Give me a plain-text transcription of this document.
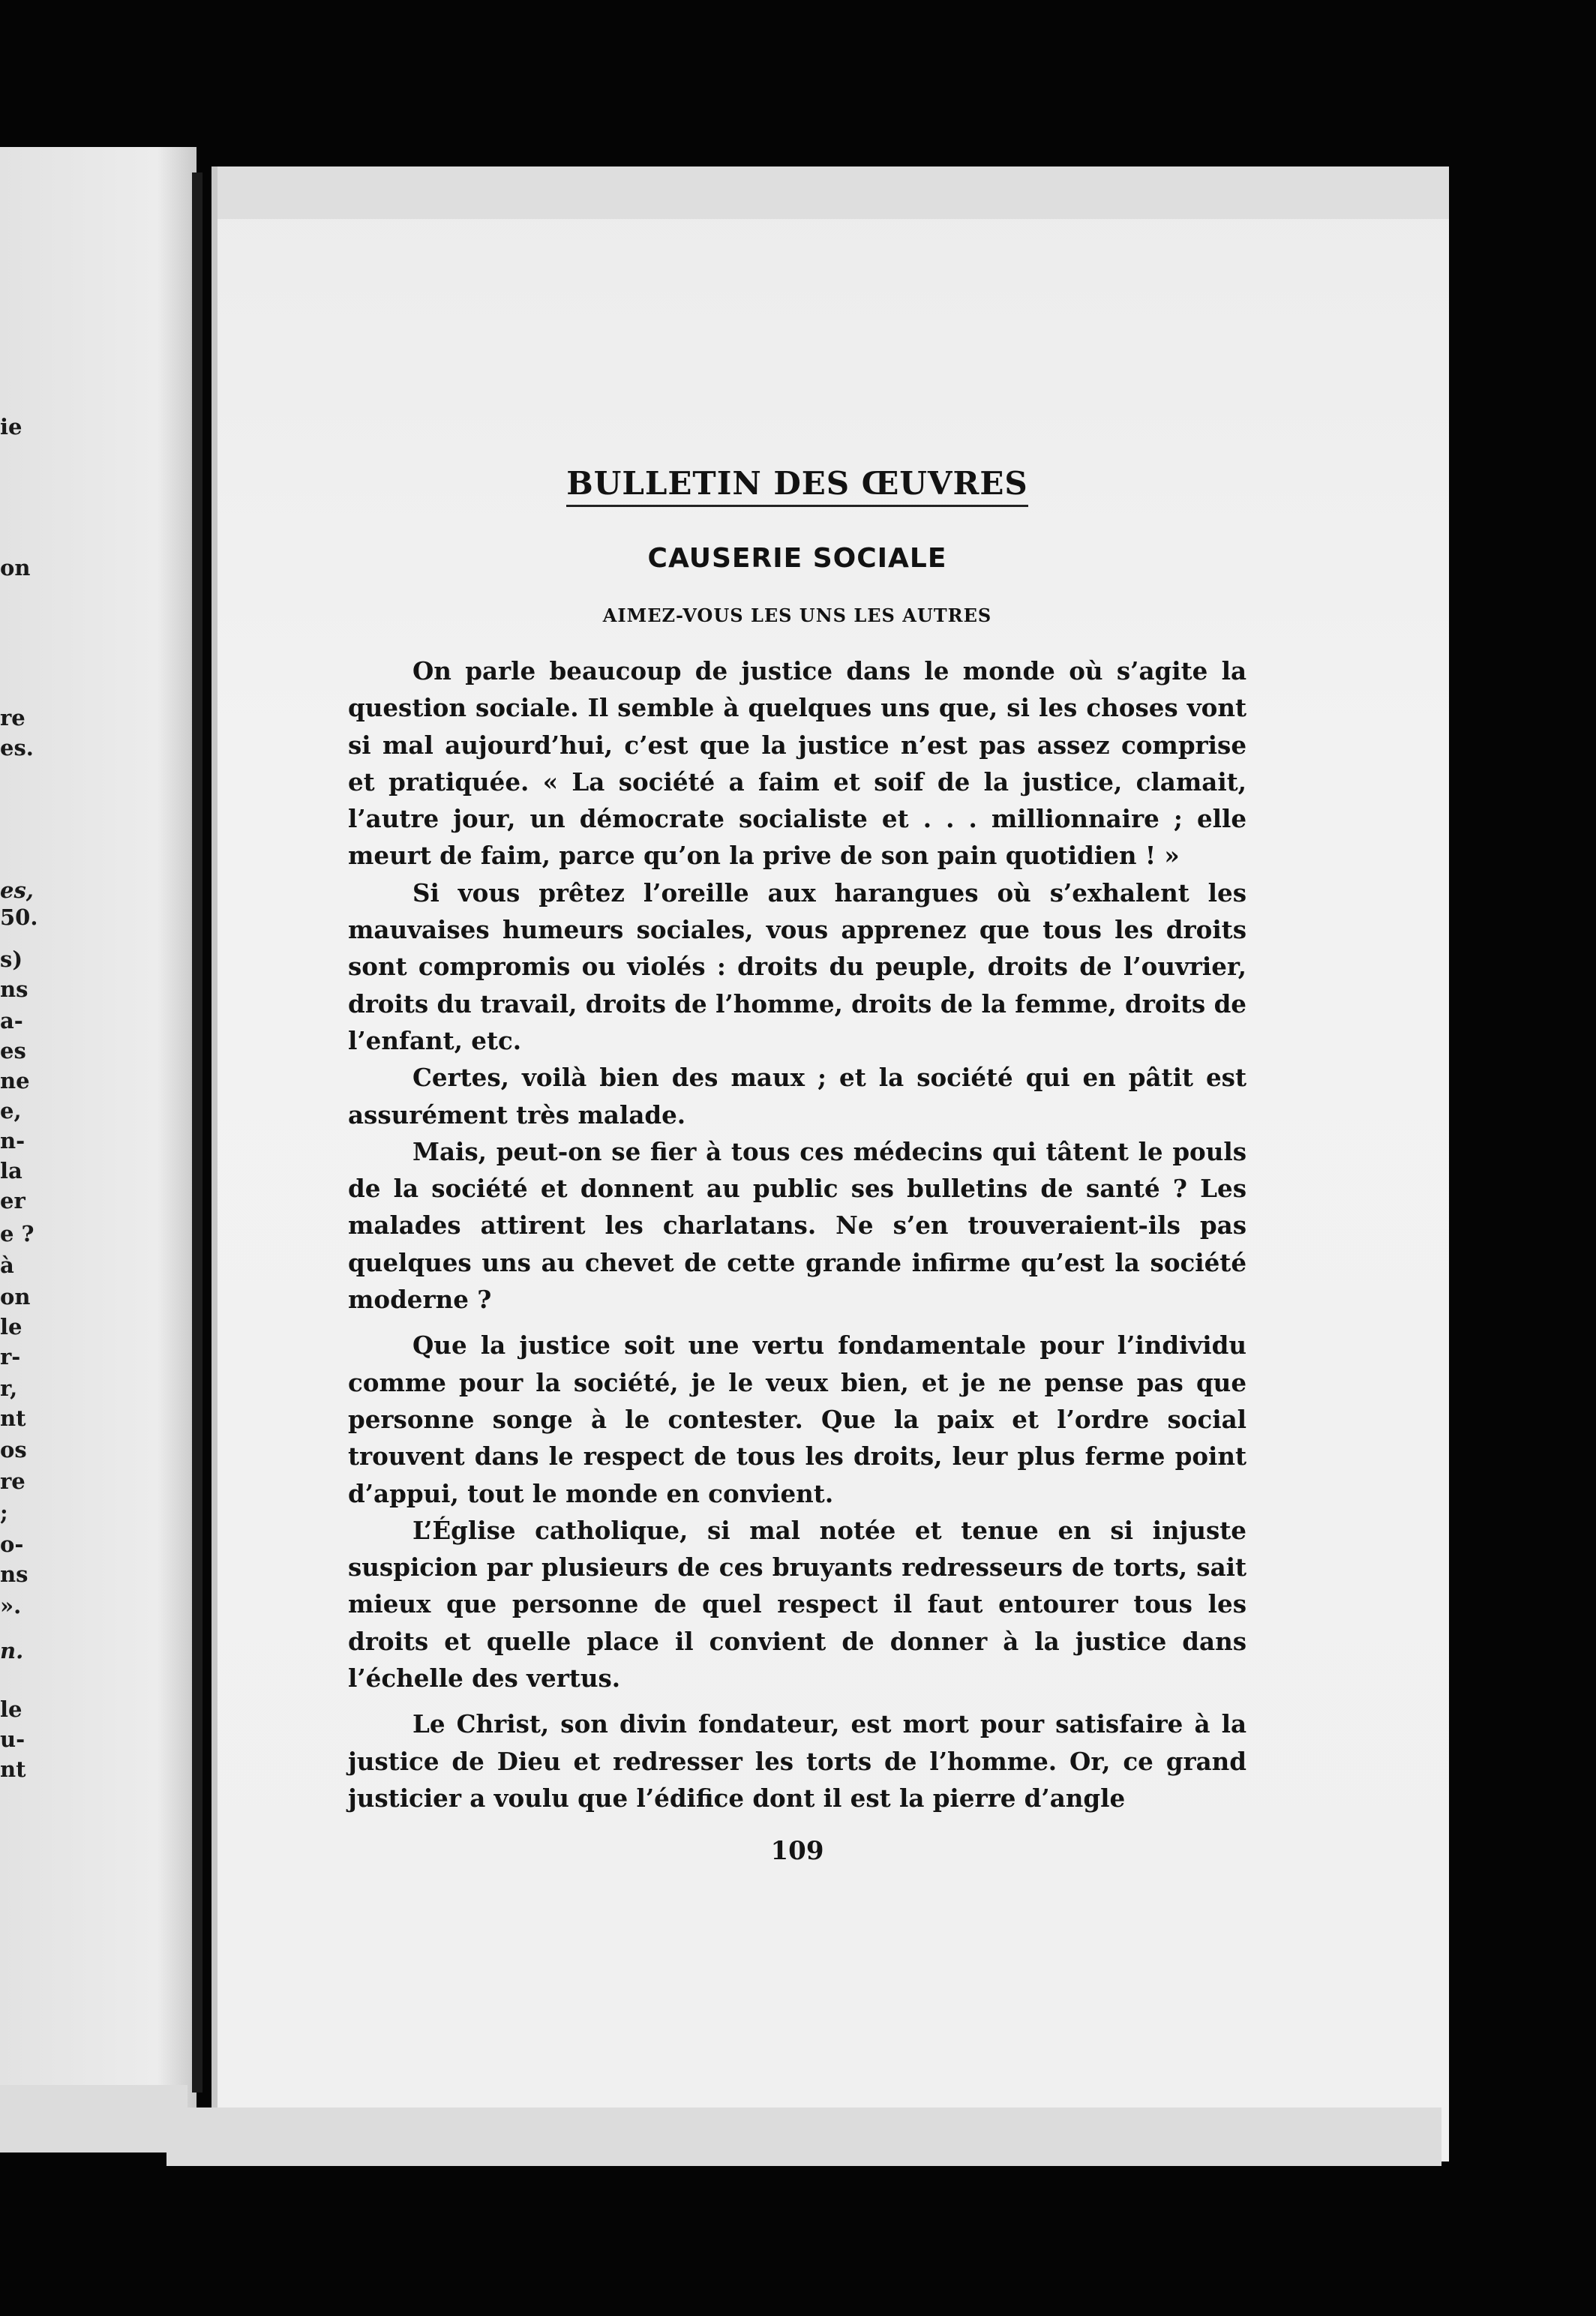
ie
on
re
es.
es,
50.
s)
ns
a-
es
ne
e,
n-
la
er
e ?
à
on
le
r-
r,
nt
os
re
;
o-
ns
».
n.
le
u-
nt
BULLETIN DES ŒUVRES
CAUSERIE SOCIALE
AIMEZ-VOUS LES UNS LES AUTRES

On parle beaucoup de justice dans le monde où s’agite la question sociale. Il semble à quelques uns que, si les choses vont si mal aujourd’hui, c’est que la justice n’est pas assez comprise et pratiquée. « La société a faim et soif de la justice, clamait, l’autre jour, un démocrate socialiste et . . . millionnaire ; elle meurt de faim, parce qu’on la prive de son pain quotidien ! »

Si vous prêtez l’oreille aux harangues où s’exhalent les mauvaises humeurs sociales, vous apprenez que tous les droits sont compromis ou violés : droits du peuple, droits de l’ouvrier, droits du travail, droits de l’homme, droits de la femme, droits de l’enfant, etc.

Certes, voilà bien des maux ; et la société qui en pâtit est assurément très malade.

Mais, peut-on se fier à tous ces médecins qui tâtent le pouls de la société et donnent au public ses bulletins de santé ? Les malades attirent les charlatans. Ne s’en trouveraient-ils pas quelques uns au chevet de cette grande infirme qu’est la société moderne ?

Que la justice soit une vertu fondamentale pour l’individu comme pour la société, je le veux bien, et je ne pense pas que personne songe à le contester. Que la paix et l’ordre social trouvent dans le respect de tous les droits, leur plus ferme point d’appui, tout le monde en convient.

L’Église catholique, si mal notée et tenue en si injuste suspicion par plusieurs de ces bruyants redresseurs de torts, sait mieux que personne de quel respect il faut entourer tous les droits et quelle place il convient de donner à la justice dans l’échelle des vertus.

Le Christ, son divin fondateur, est mort pour satisfaire à la justice de Dieu et redresser les torts de l’homme. Or, ce grand justicier a voulu que l’édifice dont il est la pierre d’angle

109
